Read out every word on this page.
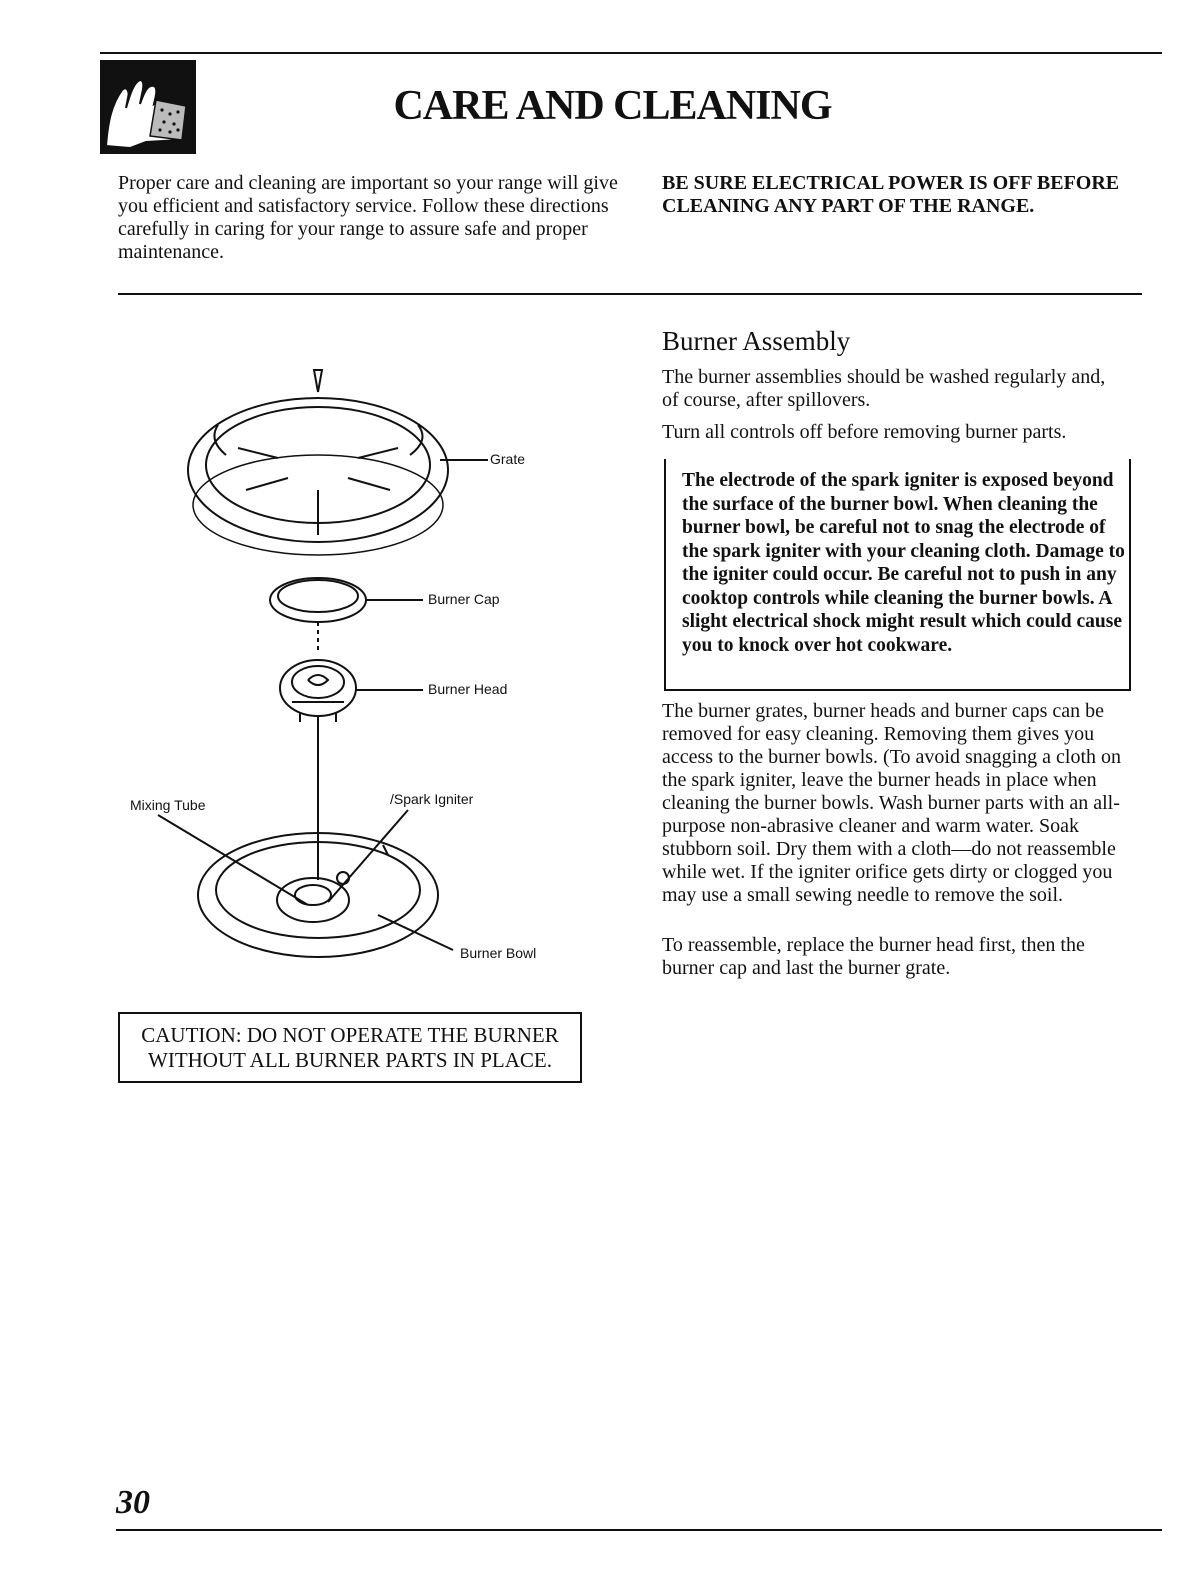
CARE AND CLEANING
Proper care and cleaning are important so your range will give you efficient and satisfactory service. Follow these directions carefully in caring for your range to assure safe and proper maintenance.
BE SURE ELECTRICAL POWER IS OFF BEFORE CLEANING ANY PART OF THE RANGE.
Burner Assembly
The burner assemblies should be washed regularly and, of course, after spillovers.
Turn all controls off before removing burner parts.
The electrode of the spark igniter is exposed beyond the surface of the burner bowl. When cleaning the burner bowl, be careful not to snag the electrode of the spark igniter with your cleaning cloth. Damage to the igniter could occur. Be careful not to push in any cooktop controls while cleaning the burner bowls. A slight electrical shock might result which could cause you to knock over hot cookware.
The burner grates, burner heads and burner caps can be removed for easy cleaning. Removing them gives you access to the burner bowls. (To avoid snagging a cloth on the spark igniter, leave the burner heads in place when cleaning the burner bowls. Wash burner parts with an all-purpose non-abrasive cleaner and warm water. Soak stubborn soil. Dry them with a cloth—do not reassemble while wet. If the igniter orifice gets dirty or clogged you may use a small sewing needle to remove the soil.
To reassemble, replace the burner head first, then the burner cap and last the burner grate.
Grate
Burner Cap
Burner Head
Mixing Tube	/Spark Igniter
Burner Bowl
CAUTION: DO NOT OPERATE THE BURNER
WITHOUT ALL BURNER PARTS IN PLACE.
30
